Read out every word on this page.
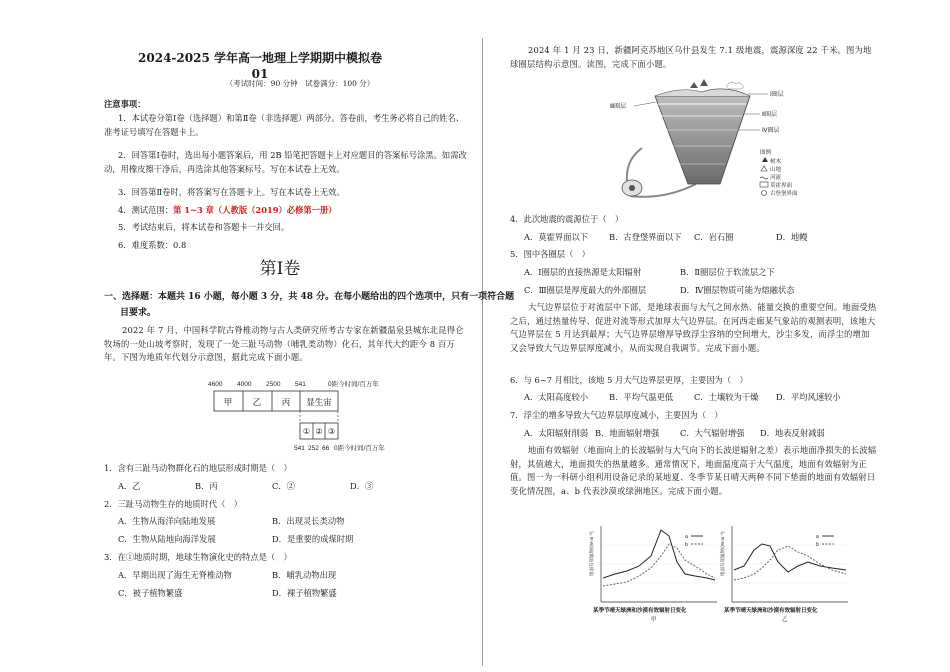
2024-2025 学年高一地理上学期期中模拟卷 01
（考试时间：90 分钟　试卷满分：100 分）
注意事项：
1．本试卷分第Ⅰ卷（选择题）和第Ⅱ卷（非选择题）两部分。答卷前，考生务必将自己的姓名、准考证号填写在答题卡上。
2．回答第Ⅰ卷时，选出每小题答案后，用 2B 铅笔把答题卡上对应题目的答案标号涂黑。如需改动，用橡皮擦干净后，再选涂其他答案标号。写在本试卷上无效。
3．回答第Ⅱ卷时，将答案写在答题卡上。写在本试卷上无效。
4．测试范围：第 1~3 章（人教版（2019）必修第一册）
5．考试结束后，将本试卷和答题卡一并交回。
6．难度系数：0.8
第Ⅰ卷
一、选择题：本题共 16 小题，每小题 3 分，共 48 分。在每小题给出的四个选项中，只有一项符合题
目要求。
2022 年 7 月，中国科学院古脊椎动物与古人类研究所考古专家在新疆温泉县城东北昆得仑牧场的一处山坡考察时，发现了一处三趾马动物（哺乳类动物）化石，其年代大约距今 8 百万年。下图为地质年代划分示意图，据此完成下面小题。
4600 4000 2500 541	0距今时间/百万年
甲 乙 丙 显生宙
① ② ③
541 252 66 0距今时间/百万年
1．含有三趾马动物群化石的地层形成时期是（　）
A．乙	B．丙	C．②	D．③
2．三趾马动物生存的地质时代（　）
A．生物从海洋向陆地发展	B．出现灵长类动物
C．生物从陆地向海洋发展	D．是重要的成煤时期
3．在①地质时期，地球生物演化史的特点是（　）
A．早期出现了海生无脊椎动物	B．哺乳动物出现
C．被子植物繁盛	D．裸子植物繁盛
2024 年 1 月 23 日，新疆阿克苏地区乌什县发生 7.1 级地震，震源深度 22 千米。图为地球圈层结构示意图。读图，完成下面小题。
Ⅰ圈层
Ⅲ圈层
Ⅱ圈层
Ⅳ圈层
图例
树木
山地
河流
莫霍界面
古登堡界面
4．此次地震的震源位于（　）
A．莫霍界面以下	B．古登堡界面以下 C．岩石圈	D．地幔
5．图中各圈层（　）
A．Ⅰ圈层的直接热源是太阳辐射	B．Ⅱ圈层位于软流层之下
C．Ⅲ圈层是厚度最大的外部圈层	D．Ⅳ圈层物质可能为熔融状态
大气边界层位于对流层中下部，是地球表面与大气之间水热、能量交换的重要空间。地面受热之后，通过热量传导、促进对流等形式加厚大气边界层。在河西走廊某气象站的观测表明，该地大气边界层在 5 月达到最厚；大气边界层增厚导致浮尘容纳的空间增大，沙尘多发，而浮尘的增加又会导致大气边界层厚度减小，从而实现自我调节。完成下面小题。
6．与 6~7 月相比，该地 5 月大气边界层更厚，主要因为（　）
A．太阳高度较小	B．平均气温更低	C．土壤较为干燥 D．平均风速较小
7．浮尘的增多导致大气边界层厚度减小，主要因为（　）
A．太阳辐射削弱 B．地面辐射增强	C．大气辐射增强 D．地表反射减弱
地面有效辐射（地面向上的长波辐射与大气向下的长波逆辐射之差）表示地面净损失的长波辐射，其值越大，地面损失的热量越多。通常情况下，地面温度高于大气温度，地面有效辐射为正值。图一为一科研小组利用设备记录的某地夏、冬季节某日晴天两种不同下垫面的地面有效辐射日变化情况图，a、b 代表沙漠或绿洲地区。完成下面小题。
地面有效辐射/(W·m⁻²)	a
b
某季节晴天绿洲和沙漠有效辐射日变化
甲
地面有效辐射/(W·m⁻²)	a
b
某季节晴天绿洲和沙漠有效辐射日变化
乙
